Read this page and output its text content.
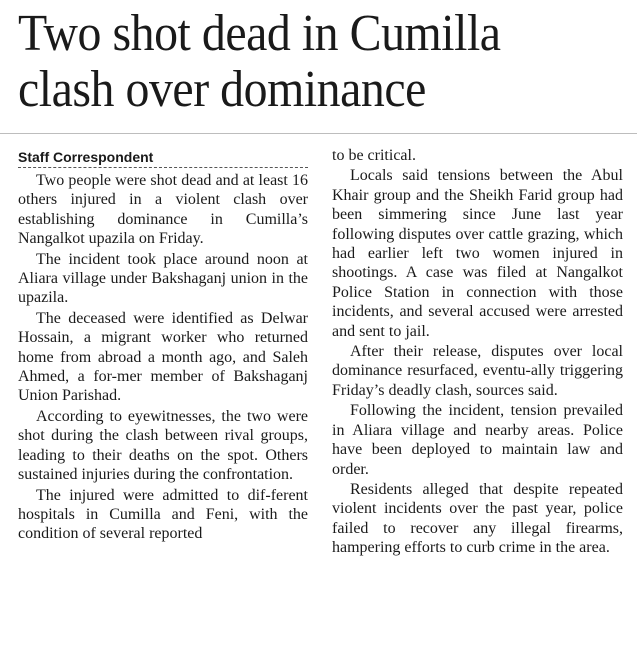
Two shot dead in Cumilla
clash over dominance
Staff Correspondent

Two people were shot dead and at least 16 others injured in a violent clash over establishing dominance in Cumilla’s Nangalkot upazila on Friday.

The incident took place around noon at Aliara village under Bakshaganj union in the upazila.

The deceased were identified as Delwar Hossain, a migrant worker who returned home from abroad a month ago, and Saleh Ahmed, a for-mer member of Bakshaganj Union Parishad.

According to eyewitnesses, the two were shot during the clash between rival groups, leading to their deaths on the spot. Others sustained injuries during the confrontation.

The injured were admitted to dif-ferent hospitals in Cumilla and Feni, with the condition of several reported

to be critical.

Locals said tensions between the Abul Khair group and the Sheikh Farid group had been simmering since June last year following disputes over cattle grazing, which had earlier left two women injured in shootings. A case was filed at Nangalkot Police Station in connection with those incidents, and several accused were arrested and sent to jail.

After their release, disputes over local dominance resurfaced, eventu-ally triggering Friday’s deadly clash, sources said.

Following the incident, tension prevailed in Aliara village and nearby areas. Police have been deployed to maintain law and order.

Residents alleged that despite repeated violent incidents over the past year, police failed to recover any illegal firearms, hampering efforts to curb crime in the area.
